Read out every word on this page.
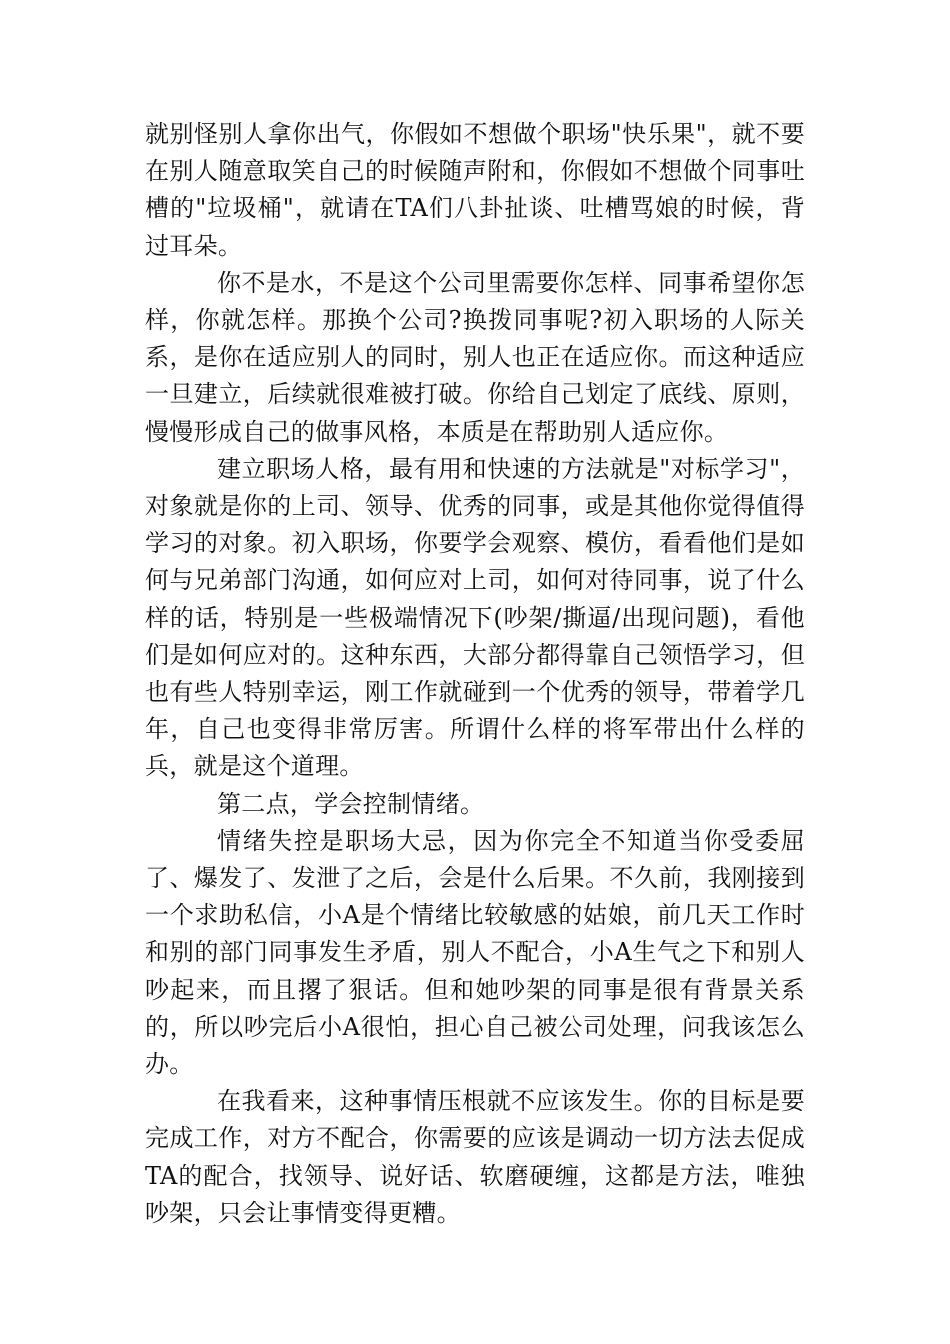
就别怪别人拿你出气，你假如不想做个职场"快乐果"，就不要在别人随意取笑自己的时候随声附和，你假如不想做个同事吐槽的"垃圾桶"，就请在TA们八卦扯谈、吐槽骂娘的时候，背过耳朵。

你不是水，不是这个公司里需要你怎样、同事希望你怎样，你就怎样。那换个公司?换拨同事呢?初入职场的人际关系，是你在适应别人的同时，别人也正在适应你。而这种适应一旦建立，后续就很难被打破。你给自己划定了底线、原则，慢慢形成自己的做事风格，本质是在帮助别人适应你。

建立职场人格，最有用和快速的方法就是"对标学习"，对象就是你的上司、领导、优秀的同事，或是其他你觉得值得学习的对象。初入职场，你要学会观察、模仿，看看他们是如何与兄弟部门沟通，如何应对上司，如何对待同事，说了什么样的话，特别是一些极端情况下(吵架/撕逼/出现问题)，看他们是如何应对的。这种东西，大部分都得靠自己领悟学习，但也有些人特别幸运，刚工作就碰到一个优秀的领导，带着学几年，自己也变得非常厉害。所谓什么样的将军带出什么样的兵，就是这个道理。

第二点，学会控制情绪。

情绪失控是职场大忌，因为你完全不知道当你受委屈了、爆发了、发泄了之后，会是什么后果。不久前，我刚接到一个求助私信，小A是个情绪比较敏感的姑娘，前几天工作时和别的部门同事发生矛盾，别人不配合，小A生气之下和别人吵起来，而且撂了狠话。但和她吵架的同事是很有背景关系的，所以吵完后小A很怕，担心自己被公司处理，问我该怎么办。

在我看来，这种事情压根就不应该发生。你的目标是要完成工作，对方不配合，你需要的应该是调动一切方法去促成TA的配合，找领导、说好话、软磨硬缠，这都是方法，唯独吵架，只会让事情变得更糟。
